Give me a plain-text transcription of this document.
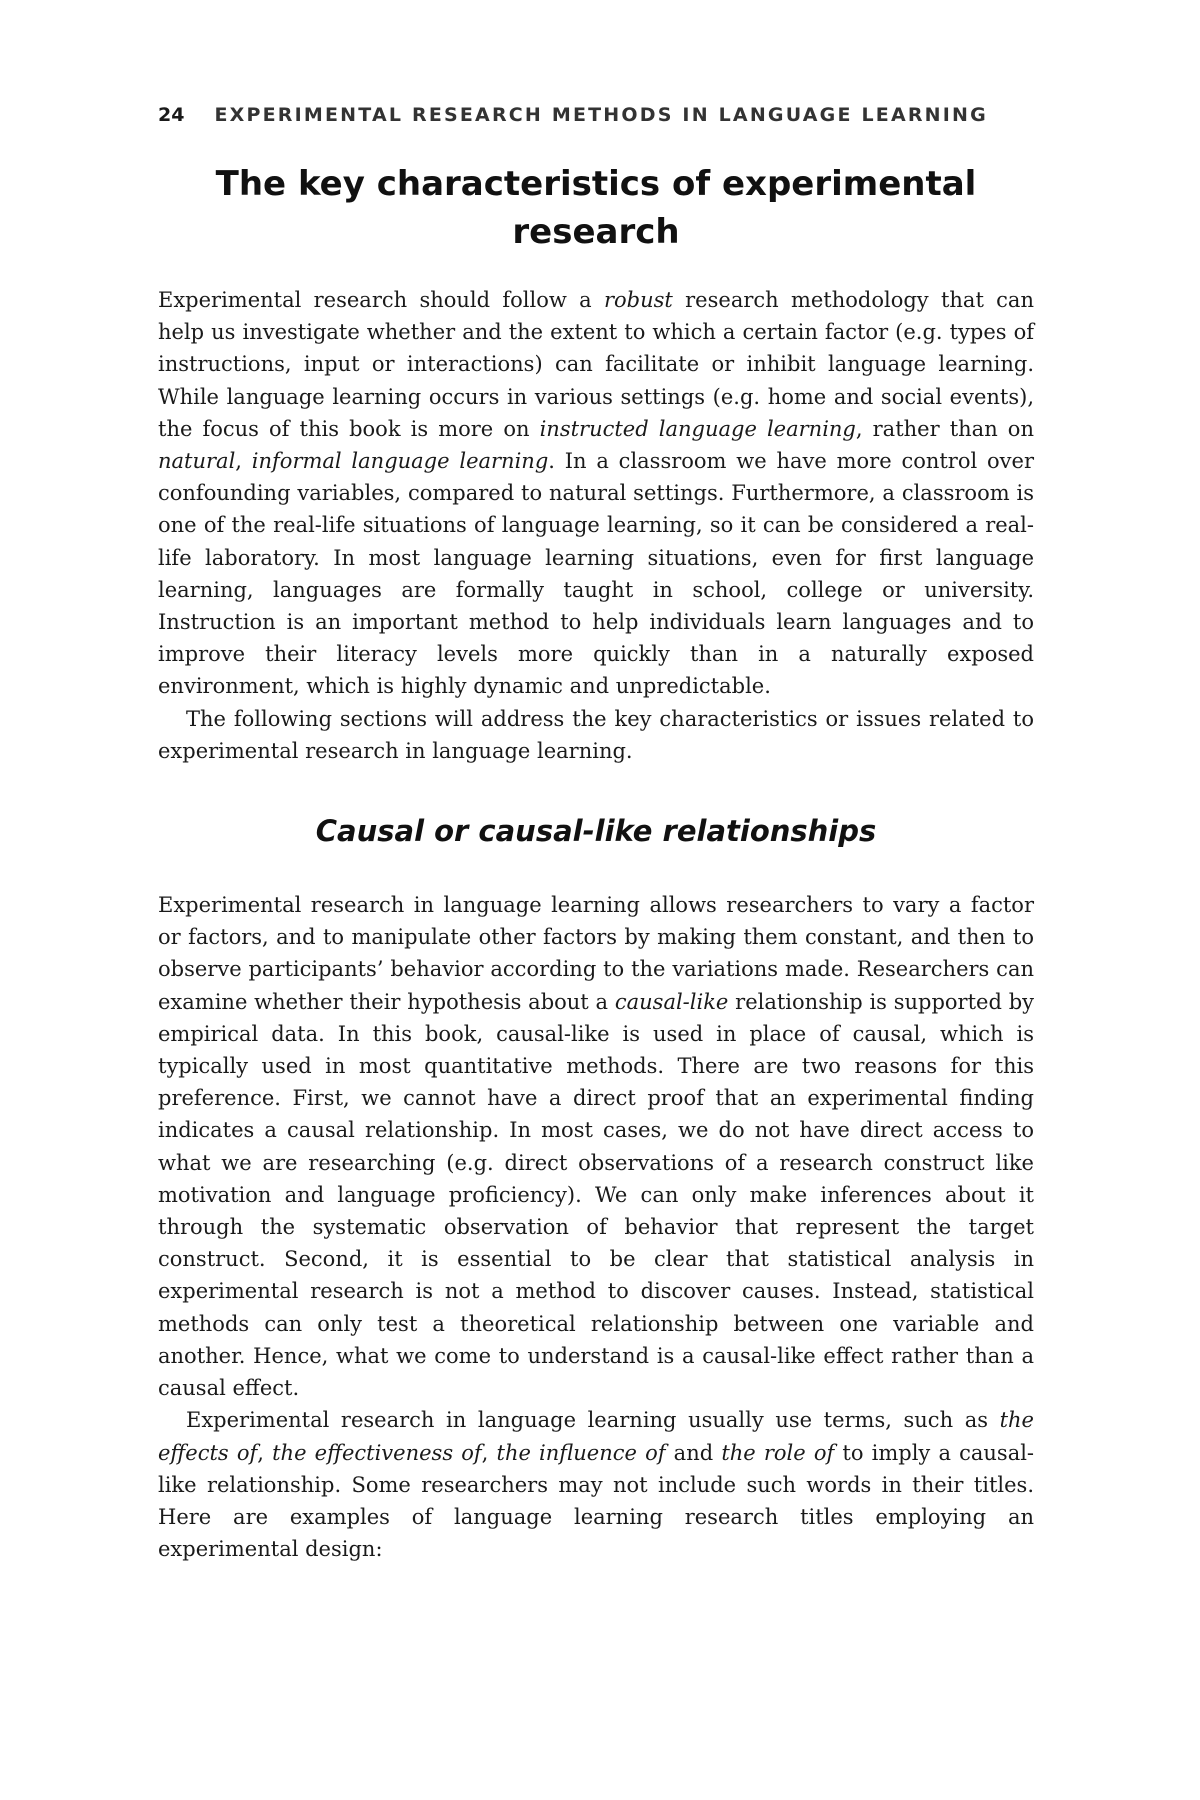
24 EXPERIMENTAL RESEARCH METHODS IN LANGUAGE LEARNING
The key characteristics of experimental
research

Experimental research should follow a robust research methodology that can help us investigate whether and the extent to which a certain factor (e.g. types of instructions, input or interactions) can facilitate or inhibit language learning. While language learning occurs in various settings (e.g. home and social events), the focus of this book is more on instructed language learning, rather than on natural, informal language learning. In a classroom we have more control over confounding variables, compared to natural settings. Furthermore, a classroom is one of the real-life situations of language learning, so it can be considered a real-life laboratory. In most language learning situations, even for first language learning, languages are formally taught in school, college or university. Instruction is an important method to help individuals learn languages and to improve their literacy levels more quickly than in a naturally exposed environment, which is highly dynamic and unpredictable.

The following sections will address the key characteristics or issues related to experimental research in language learning.

Causal or causal-like relationships

Experimental research in language learning allows researchers to vary a factor or factors, and to manipulate other factors by making them constant, and then to observe participants’ behavior according to the variations made. Researchers can examine whether their hypothesis about a causal-like relationship is supported by empirical data. In this book, causal-like is used in place of causal, which is typically used in most quantitative methods. There are two reasons for this preference. First, we cannot have a direct proof that an experimental finding indicates a causal relationship. In most cases, we do not have direct access to what we are researching (e.g. direct observations of a research construct like motivation and language proficiency). We can only make inferences about it through the systematic observation of behavior that represent the target construct. Second, it is essential to be clear that statistical analysis in experimental research is not a method to discover causes. Instead, statistical methods can only test a theoretical relationship between one variable and another. Hence, what we come to understand is a causal-like effect rather than a causal effect.

Experimental research in language learning usually use terms, such as the effects of, the effectiveness of, the influence of and the role of to imply a causal-like relationship. Some researchers may not include such words in their titles. Here are examples of language learning research titles employing an experimental design:
